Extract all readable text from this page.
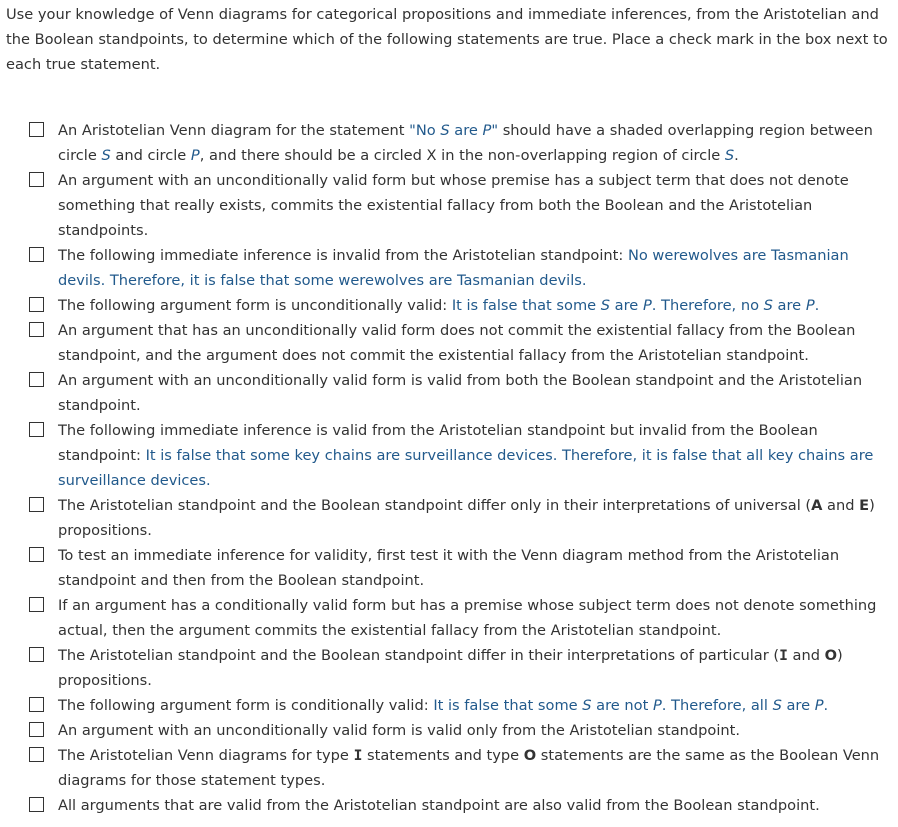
Use your knowledge of Venn diagrams for categorical propositions and immediate inferences, from the Aristotelian and the Boolean standpoints, to determine which of the following statements are true. Place a check mark in the box next to each true statement.

An Aristotelian Venn diagram for the statement "No S are P" should have a shaded overlapping region between circle S and circle P, and there should be a circled X in the non-overlapping region of circle S.
An argument with an unconditionally valid form but whose premise has a subject term that does not denote something that really exists, commits the existential fallacy from both the Boolean and the Aristotelian standpoints.
The following immediate inference is invalid from the Aristotelian standpoint: No werewolves are Tasmanian devils. Therefore, it is false that some werewolves are Tasmanian devils.
The following argument form is unconditionally valid: It is false that some S are P. Therefore, no S are P.
An argument that has an unconditionally valid form does not commit the existential fallacy from the Boolean standpoint, and the argument does not commit the existential fallacy from the Aristotelian standpoint.
An argument with an unconditionally valid form is valid from both the Boolean standpoint and the Aristotelian standpoint.
The following immediate inference is valid from the Aristotelian standpoint but invalid from the Boolean standpoint: It is false that some key chains are surveillance devices. Therefore, it is false that all key chains are surveillance devices.
The Aristotelian standpoint and the Boolean standpoint differ only in their interpretations of universal (A and E) propositions.
To test an immediate inference for validity, first test it with the Venn diagram method from the Aristotelian standpoint and then from the Boolean standpoint.
If an argument has a conditionally valid form but has a premise whose subject term does not denote something actual, then the argument commits the existential fallacy from the Aristotelian standpoint.
The Aristotelian standpoint and the Boolean standpoint differ in their interpretations of particular (I and O) propositions.
The following argument form is conditionally valid: It is false that some S are not P. Therefore, all S are P.
An argument with an unconditionally valid form is valid only from the Aristotelian standpoint.
The Aristotelian Venn diagrams for type I statements and type O statements are the same as the Boolean Venn diagrams for those statement types.
All arguments that are valid from the Aristotelian standpoint are also valid from the Boolean standpoint.
